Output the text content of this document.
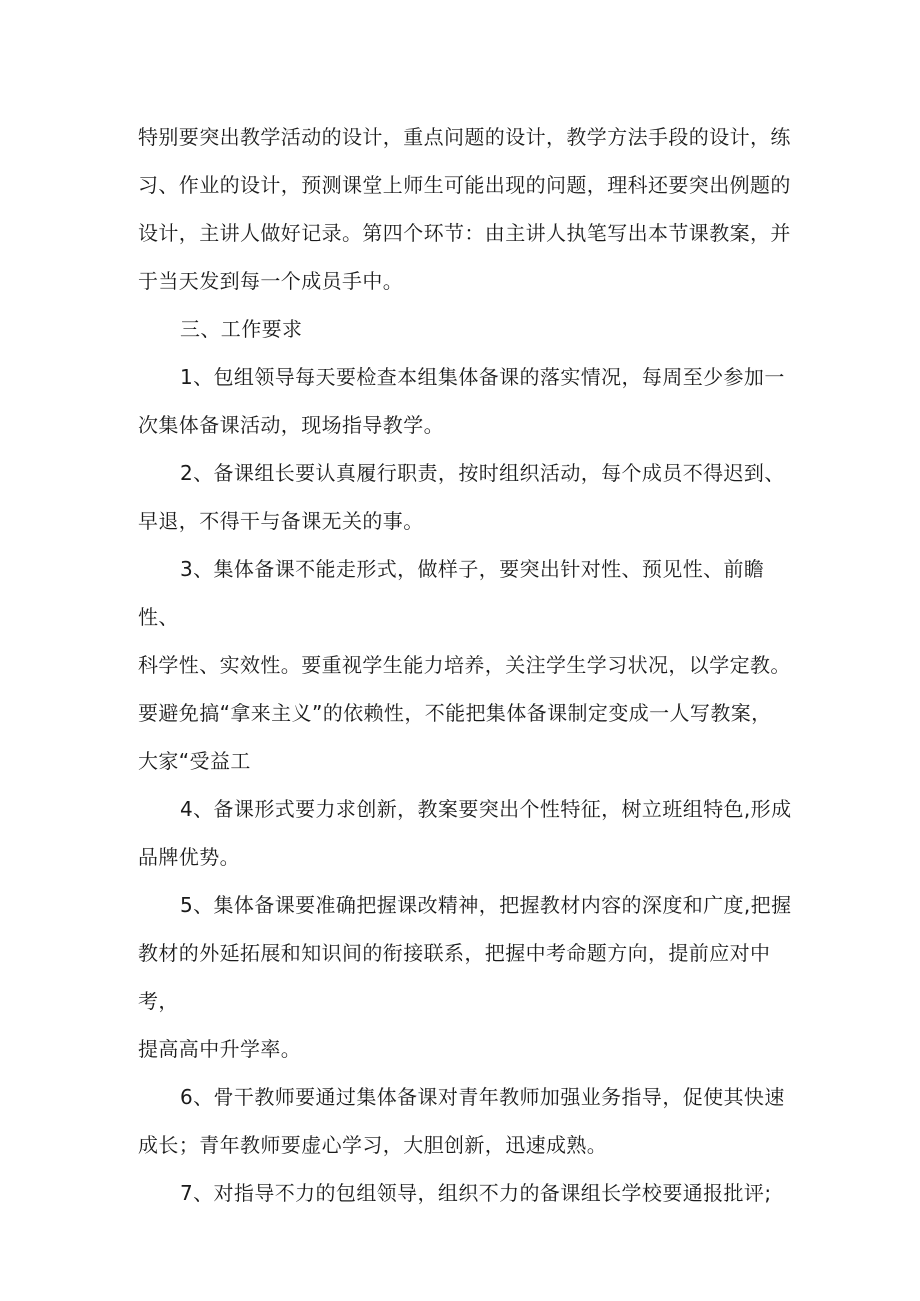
特别要突出教学活动的设计，重点问题的设计，教学方法手段的设计，练

习、作业的设计，预测课堂上师生可能出现的问题，理科还要突出例题的

设计，主讲人做好记录。第四个环节：由主讲人执笔写出本节课教案，并

于当天发到每一个成员手中。

三、工作要求

1、包组领导每天要检查本组集体备课的落实情况，每周至少参加一

次集体备课活动，现场指导教学。

2、备课组长要认真履行职责，按时组织活动，每个成员不得迟到、

早退，不得干与备课无关的事。

3、集体备课不能走形式，做样子，要突出针对性、预见性、前瞻性、

科学性、实效性。要重视学生能力培养，关注学生学习状况，以学定教。

要避免搞“拿来主义”的依赖性，不能把集体备课制定变成一人写教案，

大家“受益工

4、备课形式要力求创新，教案要突出个性特征，树立班组特色,形成

品牌优势。

5、集体备课要准确把握课改精神，把握教材内容的深度和广度,把握

教材的外延拓展和知识间的衔接联系，把握中考命题方向，提前应对中考，

提高高中升学率。

6、骨干教师要通过集体备课对青年教师加强业务指导，促使其快速

成长；青年教师要虚心学习，大胆创新，迅速成熟。

7、对指导不力的包组领导，组织不力的备课组长学校要通报批评;
